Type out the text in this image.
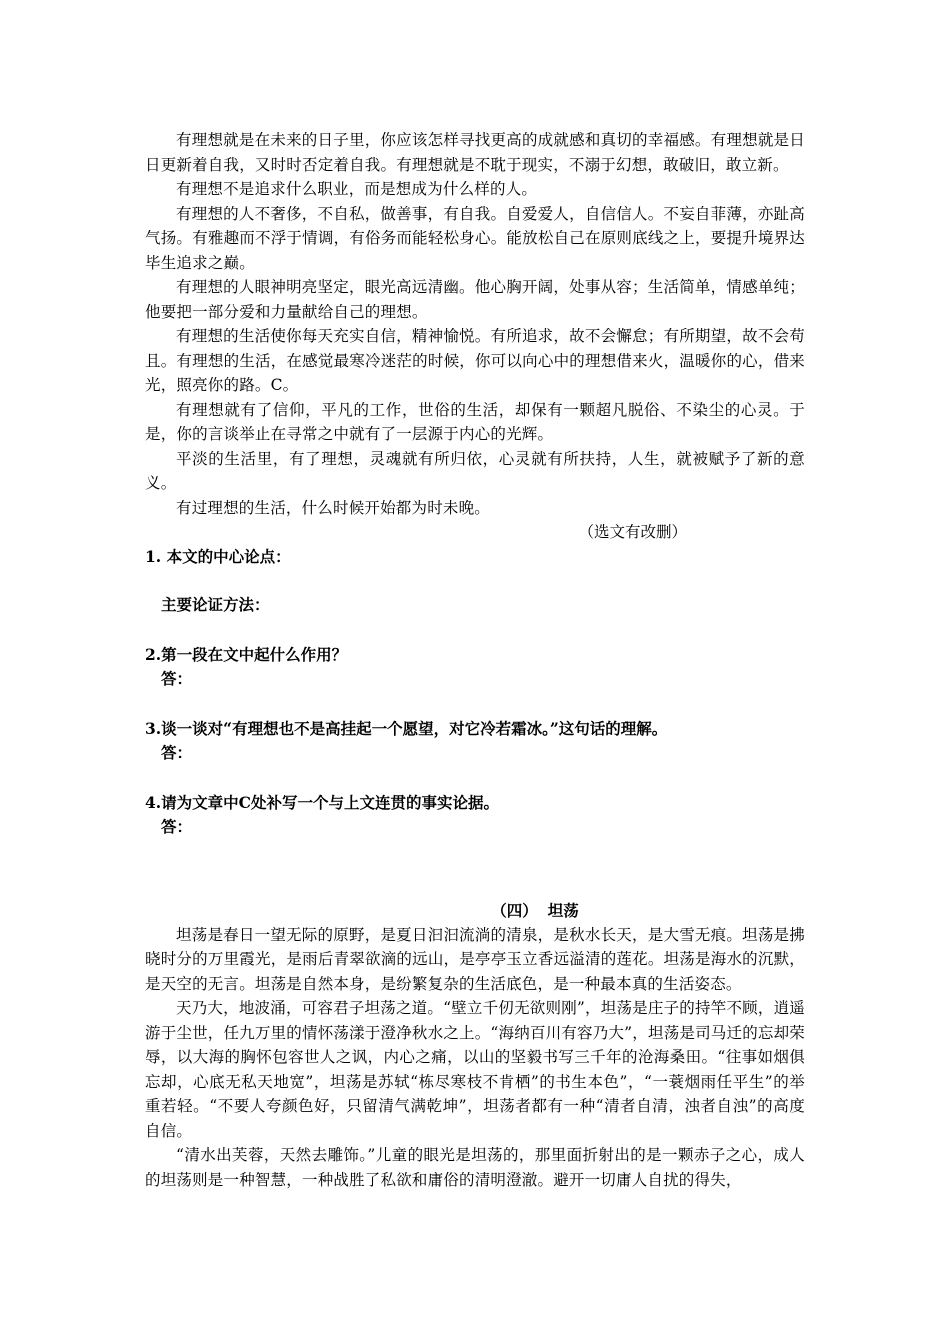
有理想就是在未来的日子里，你应该怎样寻找更高的成就感和真切的幸福感。有理想就是日日更新着自我，又时时否定着自我。有理想就是不耽于现实，不溺于幻想，敢破旧，敢立新。

有理想不是追求什么职业，而是想成为什么样的人。

有理想的人不奢侈，不自私，做善事，有自我。自爱爱人，自信信人。不妄自菲薄，亦趾高气扬。有雅趣而不浮于情调，有俗务而能轻松身心。能放松自己在原则底线之上，要提升境界达毕生追求之巅。

有理想的人眼神明亮坚定，眼光高远清幽。他心胸开阔，处事从容；生活简单，情感单纯；他要把一部分爱和力量献给自己的理想。

有理想的生活使你每天充实自信，精神愉悦。有所追求，故不会懈怠；有所期望，故不会苟且。有理想的生活，在感觉最寒冷迷茫的时候，你可以向心中的理想借来火，温暖你的心，借来光，照亮你的路。C。

有理想就有了信仰，平凡的工作，世俗的生活，却保有一颗超凡脱俗、不染尘的心灵。于是，你的言谈举止在寻常之中就有了一层源于内心的光辉。

平淡的生活里，有了理想，灵魂就有所归依，心灵就有所扶持，人生，就被赋予了新的意义。

有过理想的生活，什么时候开始都为时未晚。

（选文有改删）

1. 本文的中心论点：

主要论证方法：

2.第一段在文中起什么作用？

答：

3.谈一谈对“有理想也不是高挂起一个愿望，对它冷若霜冰。”这句话的理解。

答：

4.请为文章中C处补写一个与上文连贯的事实论据。

答：

（四） 坦荡

坦荡是春日一望无际的原野，是夏日汩汩流淌的清泉，是秋水长天，是大雪无痕。坦荡是拂晓时分的万里霞光，是雨后青翠欲滴的远山，是亭亭玉立香远溢清的莲花。坦荡是海水的沉默，是天空的无言。坦荡是自然本身，是纷繁复杂的生活底色，是一种最本真的生活姿态。

天乃大，地波涌，可容君子坦荡之道。“壁立千仞无欲则刚”，坦荡是庄子的持竿不顾，逍遥游于尘世，任九万里的情怀荡漾于澄净秋水之上。“海纳百川有容乃大”，坦荡是司马迁的忘却荣辱，以大海的胸怀包容世人之讽，内心之痛，以山的坚毅书写三千年的沧海桑田。“往事如烟俱忘却，心底无私天地宽”，坦荡是苏轼“栋尽寒枝不肯栖”的书生本色”，“一蓑烟雨任平生”的举重若轻。“不要人夸颜色好，只留清气满乾坤”，坦荡者都有一种“清者自清，浊者自浊”的高度自信。

“清水出芙蓉，天然去雕饰。”儿童的眼光是坦荡的，那里面折射出的是一颗赤子之心，成人的坦荡则是一种智慧，一种战胜了私欲和庸俗的清明澄澈。避开一切庸人自扰的得失，
